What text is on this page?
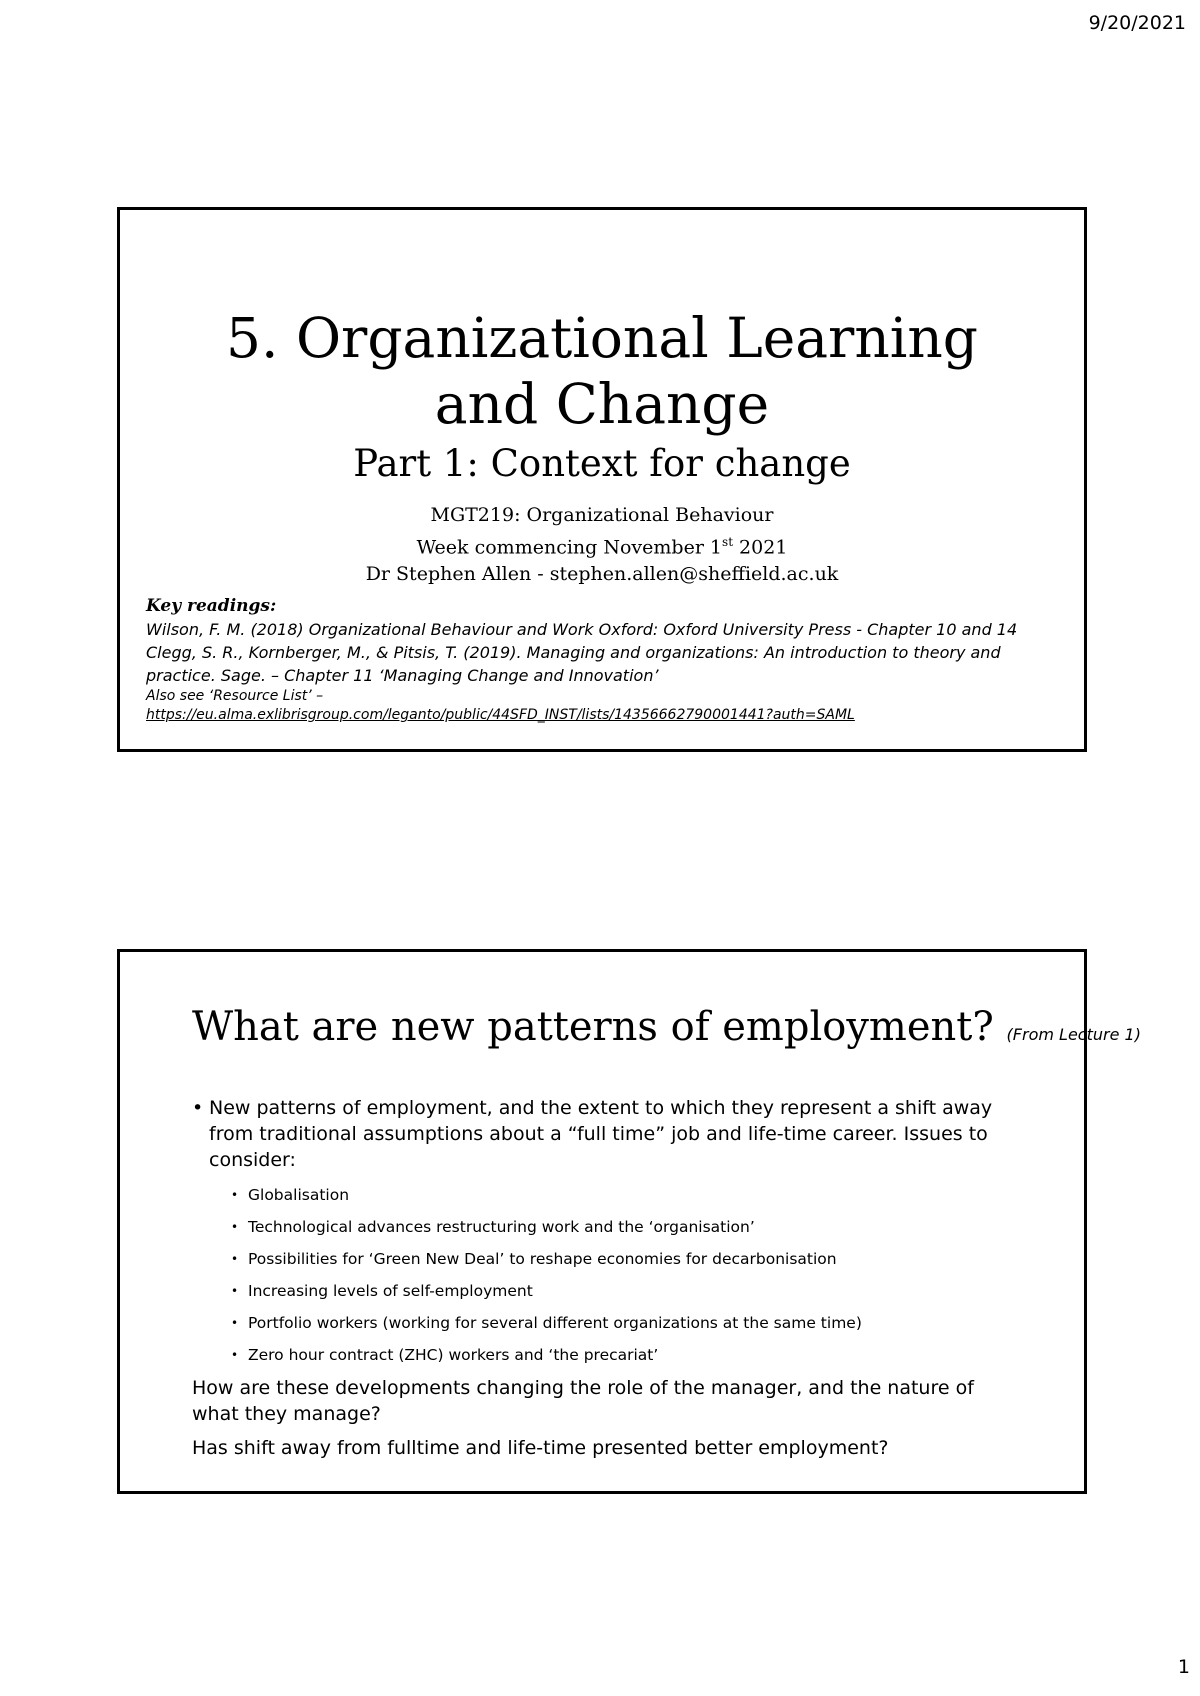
9/20/2021
5. Organizational Learning
and Change
Part 1: Context for change
MGT219: Organizational Behaviour
Week commencing November 1st 2021
Dr Stephen Allen - stephen.allen@sheffield.ac.uk
Key readings:
Wilson, F. M. (2018) Organizational Behaviour and Work Oxford: Oxford University Press - Chapter 10 and 14
Clegg, S. R., Kornberger, M., & Pitsis, T. (2019). Managing and organizations: An introduction to theory and practice. Sage. – Chapter 11 ‘Managing Change and Innovation’
Also see ‘Resource List’ –
https://eu.alma.exlibrisgroup.com/leganto/public/44SFD_INST/lists/14356662790001441?auth=SAML
What are new patterns of employment? (From Lecture 1)
• New patterns of employment, and the extent to which they represent a shift away from traditional assumptions about a “full time” job and life-time career. Issues to consider:
• Globalisation
• Technological advances restructuring work and the ‘organisation’
• Possibilities for ‘Green New Deal’ to reshape economies for decarbonisation
• Increasing levels of self-employment
• Portfolio workers (working for several different organizations at the same time)
• Zero hour contract (ZHC) workers and ‘the precariat’
How are these developments changing the role of the manager, and the nature of what they manage?
Has shift away from fulltime and life-time presented better employment?
1
